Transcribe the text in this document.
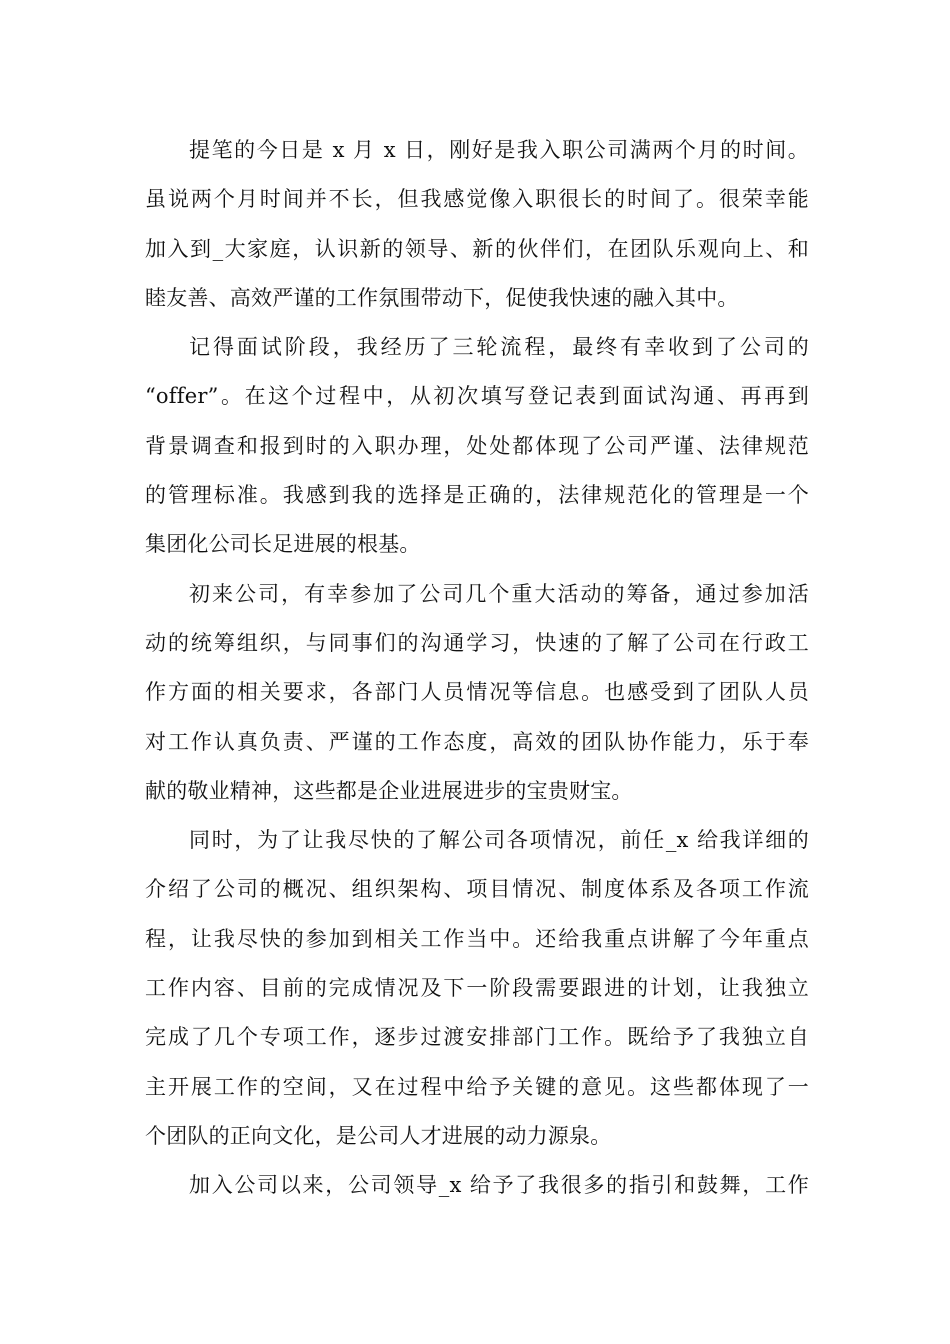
提笔的今日是 x 月 x 日，刚好是我入职公司满两个月的时间。
虽说两个月时间并不长，但我感觉像入职很长的时间了。很荣幸能
加入到_大家庭，认识新的领导、新的伙伴们，在团队乐观向上、和
睦友善、高效严谨的工作氛围带动下，促使我快速的融入其中。
记得面试阶段，我经历了三轮流程，最终有幸收到了公司的
“offer”。在这个过程中，从初次填写登记表到面试沟通、再再到
背景调查和报到时的入职办理，处处都体现了公司严谨、法律规范
的管理标准。我感到我的选择是正确的，法律规范化的管理是一个
集团化公司长足进展的根基。
初来公司，有幸参加了公司几个重大活动的筹备，通过参加活
动的统筹组织，与同事们的沟通学习，快速的了解了公司在行政工
作方面的相关要求，各部门人员情况等信息。也感受到了团队人员
对工作认真负责、严谨的工作态度，高效的团队协作能力，乐于奉
献的敬业精神，这些都是企业进展进步的宝贵财宝。
同时，为了让我尽快的了解公司各项情况，前任_x 给我详细的
介绍了公司的概况、组织架构、项目情况、制度体系及各项工作流
程，让我尽快的参加到相关工作当中。还给我重点讲解了今年重点
工作内容、目前的完成情况及下一阶段需要跟进的计划，让我独立
完成了几个专项工作，逐步过渡安排部门工作。既给予了我独立自
主开展工作的空间，又在过程中给予关键的意见。这些都体现了一
个团队的正向文化，是公司人才进展的动力源泉。
加入公司以来，公司领导_x 给予了我很多的指引和鼓舞，工作
